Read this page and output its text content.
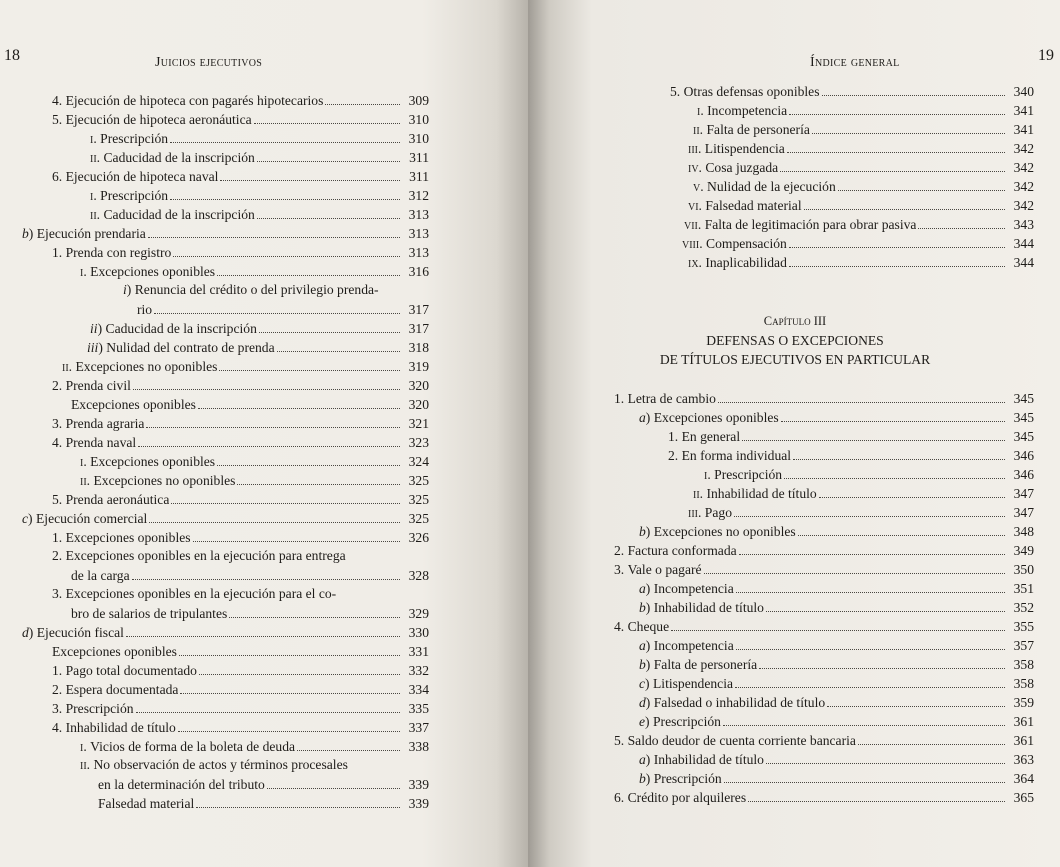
18	Juicios ejecutivos	Índice general	19
4. Ejecución de hipoteca con pagarés hipotecarios	309
5. Ejecución de hipoteca aeronáutica	310
i. Prescripción	310
ii. Caducidad de la inscripción	311
6. Ejecución de hipoteca naval	311
i. Prescripción	312
ii. Caducidad de la inscripción	313
b) Ejecución prendaria	313
1. Prenda con registro	313
i. Excepciones oponibles	316
i) Renuncia del crédito o del privilegio prenda-
rio	317
ii) Caducidad de la inscripción	317
iii) Nulidad del contrato de prenda	318
ii. Excepciones no oponibles	319
2. Prenda civil	320
Excepciones oponibles	320
3. Prenda agraria	321
4. Prenda naval	323
i. Excepciones oponibles	324
ii. Excepciones no oponibles	325
5. Prenda aeronáutica	325
c) Ejecución comercial	325
1. Excepciones oponibles	326
2. Excepciones oponibles en la ejecución para entrega
de la carga	328
3. Excepciones oponibles en la ejecución para el co-
bro de salarios de tripulantes	329
d) Ejecución fiscal	330
Excepciones oponibles	331
1. Pago total documentado	332
2. Espera documentada	334
3. Prescripción	335
4. Inhabilidad de título	337
i. Vicios de forma de la boleta de deuda	338
ii. No observación de actos y términos procesales
en la determinación del tributo	339
Falsedad material	339
5. Otras defensas oponibles	340
i. Incompetencia	341
ii. Falta de personería	341
iii. Litispendencia	342
iv. Cosa juzgada	342
v. Nulidad de la ejecución	342
vi. Falsedad material	342
vii. Falta de legitimación para obrar pasiva	343
viii. Compensación	344
ix. Inaplicabilidad	344
Capítulo III
DEFENSAS O EXCEPCIONES
DE TÍTULOS EJECUTIVOS EN PARTICULAR
1. Letra de cambio	345
a) Excepciones oponibles	345
1. En general	345
2. En forma individual	346
i. Prescripción	346
ii. Inhabilidad de título	347
iii. Pago	347
b) Excepciones no oponibles	348
2. Factura conformada	349
3. Vale o pagaré	350
a) Incompetencia	351
b) Inhabilidad de título	352
4. Cheque	355
a) Incompetencia	357
b) Falta de personería	358
c) Litispendencia	358
d) Falsedad o inhabilidad de título	359
e) Prescripción	361
5. Saldo deudor de cuenta corriente bancaria	361
a) Inhabilidad de título	363
b) Prescripción	364
6. Crédito por alquileres	365
